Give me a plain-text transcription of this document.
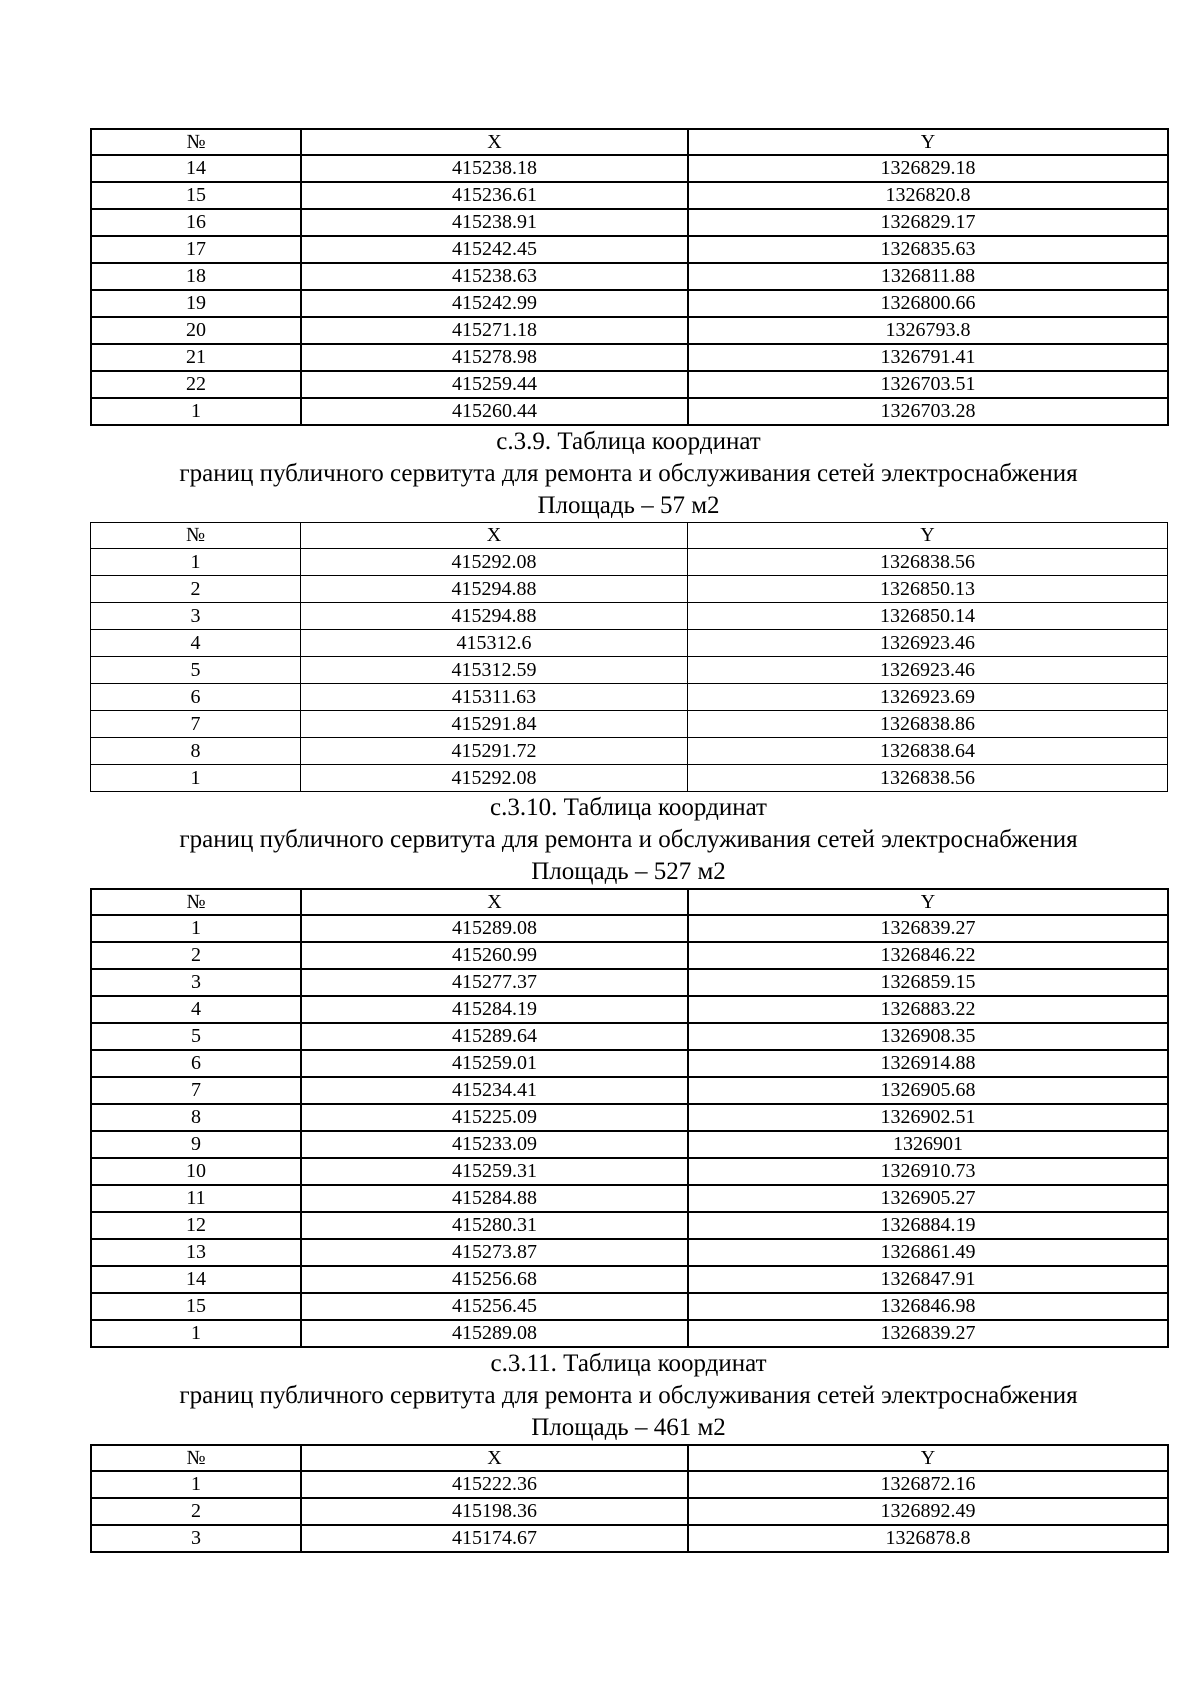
№	X	Y
14	415238.18	1326829.18
15	415236.61	1326820.8
16	415238.91	1326829.17
17	415242.45	1326835.63
18	415238.63	1326811.88
19	415242.99	1326800.66
20	415271.18	1326793.8
21	415278.98	1326791.41
22	415259.44	1326703.51
1	415260.44	1326703.28
с.3.9. Таблица координат
границ публичного сервитута для ремонта и обслуживания сетей электроснабжения
Площадь – 57 м2
№	X	Y
1	415292.08	1326838.56
2	415294.88	1326850.13
3	415294.88	1326850.14
4	415312.6	1326923.46
5	415312.59	1326923.46
6	415311.63	1326923.69
7	415291.84	1326838.86
8	415291.72	1326838.64
1	415292.08	1326838.56
с.3.10. Таблица координат
границ публичного сервитута для ремонта и обслуживания сетей электроснабжения
Площадь – 527 м2
№	X	Y
1	415289.08	1326839.27
2	415260.99	1326846.22
3	415277.37	1326859.15
4	415284.19	1326883.22
5	415289.64	1326908.35
6	415259.01	1326914.88
7	415234.41	1326905.68
8	415225.09	1326902.51
9	415233.09	1326901
10	415259.31	1326910.73
11	415284.88	1326905.27
12	415280.31	1326884.19
13	415273.87	1326861.49
14	415256.68	1326847.91
15	415256.45	1326846.98
1	415289.08	1326839.27
с.3.11. Таблица координат
границ публичного сервитута для ремонта и обслуживания сетей электроснабжения
Площадь – 461 м2
№	X	Y
1	415222.36	1326872.16
2	415198.36	1326892.49
3	415174.67	1326878.8
